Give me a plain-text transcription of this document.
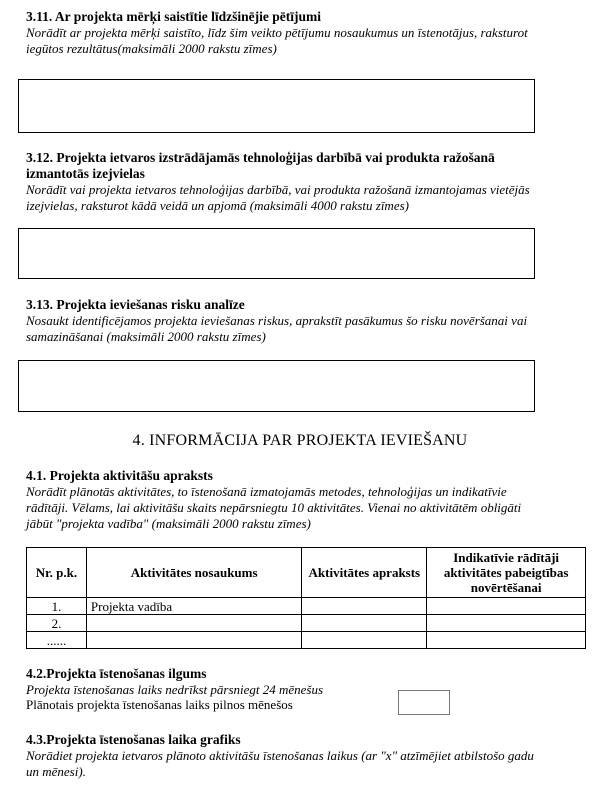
3.11. Ar projekta mērķi saistītie līdzšinējie pētījumi
Norādīt ar projekta mērķi saistīto, līdz šim veikto pētījumu nosaukumus un īstenotājus, raksturot
iegūtos rezultātus(maksimāli 2000 rakstu zīmes)
3.12. Projekta ietvaros izstrādājamās tehnoloģijas darbībā vai produkta ražošanā
izmantotās izejvielas
Norādīt vai projekta ietvaros tehnoloģijas darbībā, vai produkta ražošanā izmantojamas vietējās
izejvielas, raksturot kādā veidā un apjomā (maksimāli 4000 rakstu zīmes)
3.13. Projekta ieviešanas risku analīze
Nosaukt identificējamos projekta ieviešanas riskus, aprakstīt pasākumus šo risku novēršanai vai
samazināšanai (maksimāli 2000 rakstu zīmes)
4. INFORMĀCIJA PAR PROJEKTA IEVIEŠANU
4.1. Projekta aktivitāšu apraksts
Norādīt plānotās aktivitātes, to īstenošanā izmatojamās metodes, tehnoloģijas un indikatīvie
rādītāji. Vēlams, lai aktivitāšu skaits nepārsniegtu 10 aktivitātes. Vienai no aktivitātēm obligāti
jābūt "projekta vadība" (maksimāli 2000 rakstu zīmes)
Nr. p.k.	Aktivitātes nosaukums	Aktivitātes apraksts	Indikatīvie rādītāji aktivitātes pabeigtības novērtēšanai
1.	Projekta vadība		
2.			
......			
4.2.Projekta īstenošanas ilgums
Projekta īstenošanas laiks nedrīkst pārsniegt 24 mēnešus
Plānotais projekta īstenošanas laiks pilnos mēnešos
4.3.Projekta īstenošanas laika grafiks
Norādiet projekta ietvaros plānoto aktivitāšu īstenošanas laikus (ar "x" atzīmējiet atbilstošo gadu
un mēnesi).
